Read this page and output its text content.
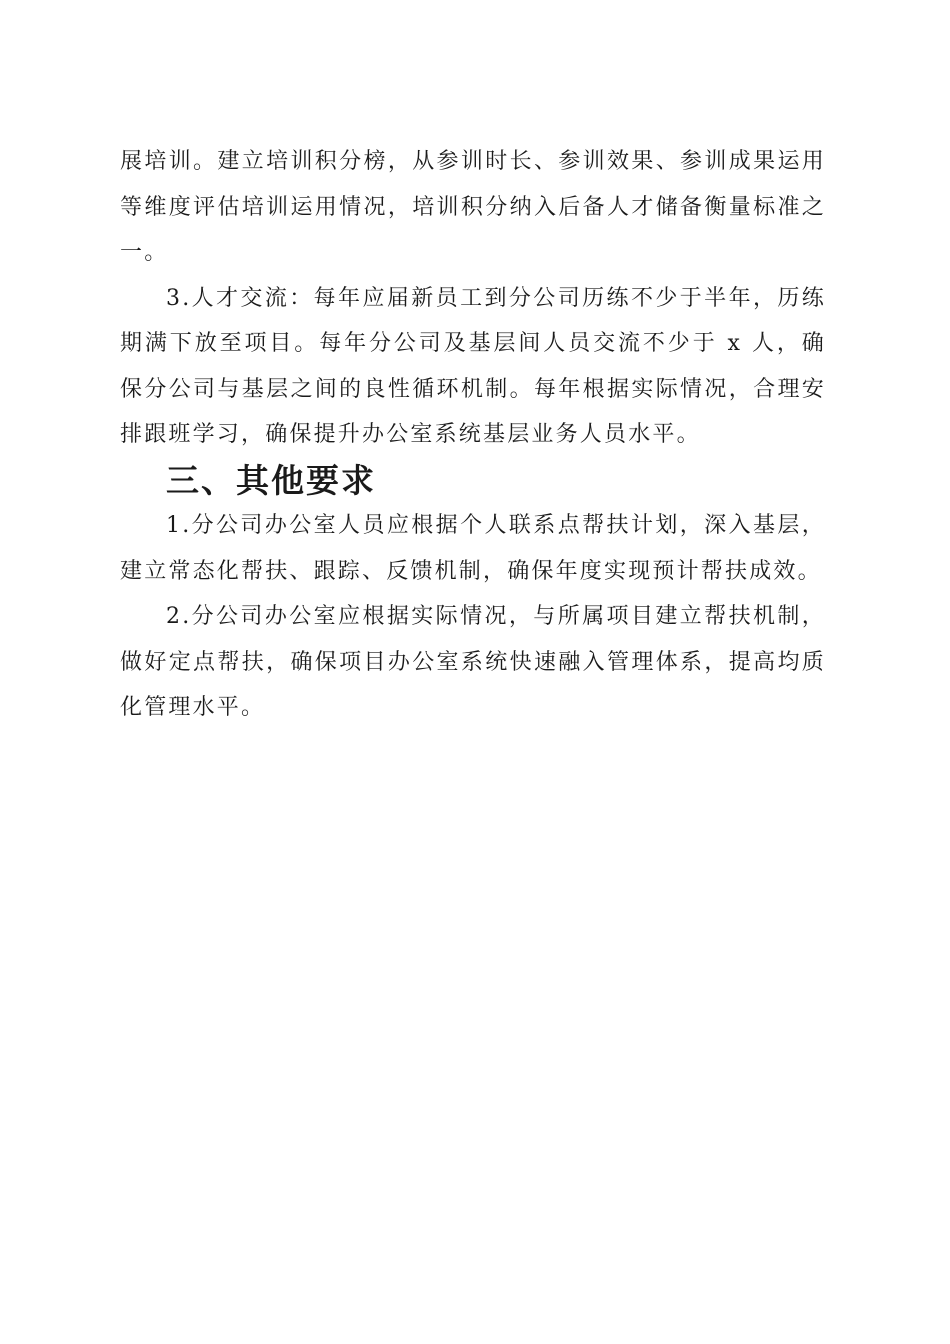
展培训。建立培训积分榜，从参训时长、参训效果、参训成果运用等维度评估培训运用情况，培训积分纳入后备人才储备衡量标准之一。

3.人才交流：每年应届新员工到分公司历练不少于半年，历练期满下放至项目。每年分公司及基层间人员交流不少于 x 人，确保分公司与基层之间的良性循环机制。每年根据实际情况，合理安排跟班学习，确保提升办公室系统基层业务人员水平。

三、其他要求

1.分公司办公室人员应根据个人联系点帮扶计划，深入基层，建立常态化帮扶、跟踪、反馈机制，确保年度实现预计帮扶成效。

2.分公司办公室应根据实际情况，与所属项目建立帮扶机制，做好定点帮扶，确保项目办公室系统快速融入管理体系，提高均质化管理水平。
